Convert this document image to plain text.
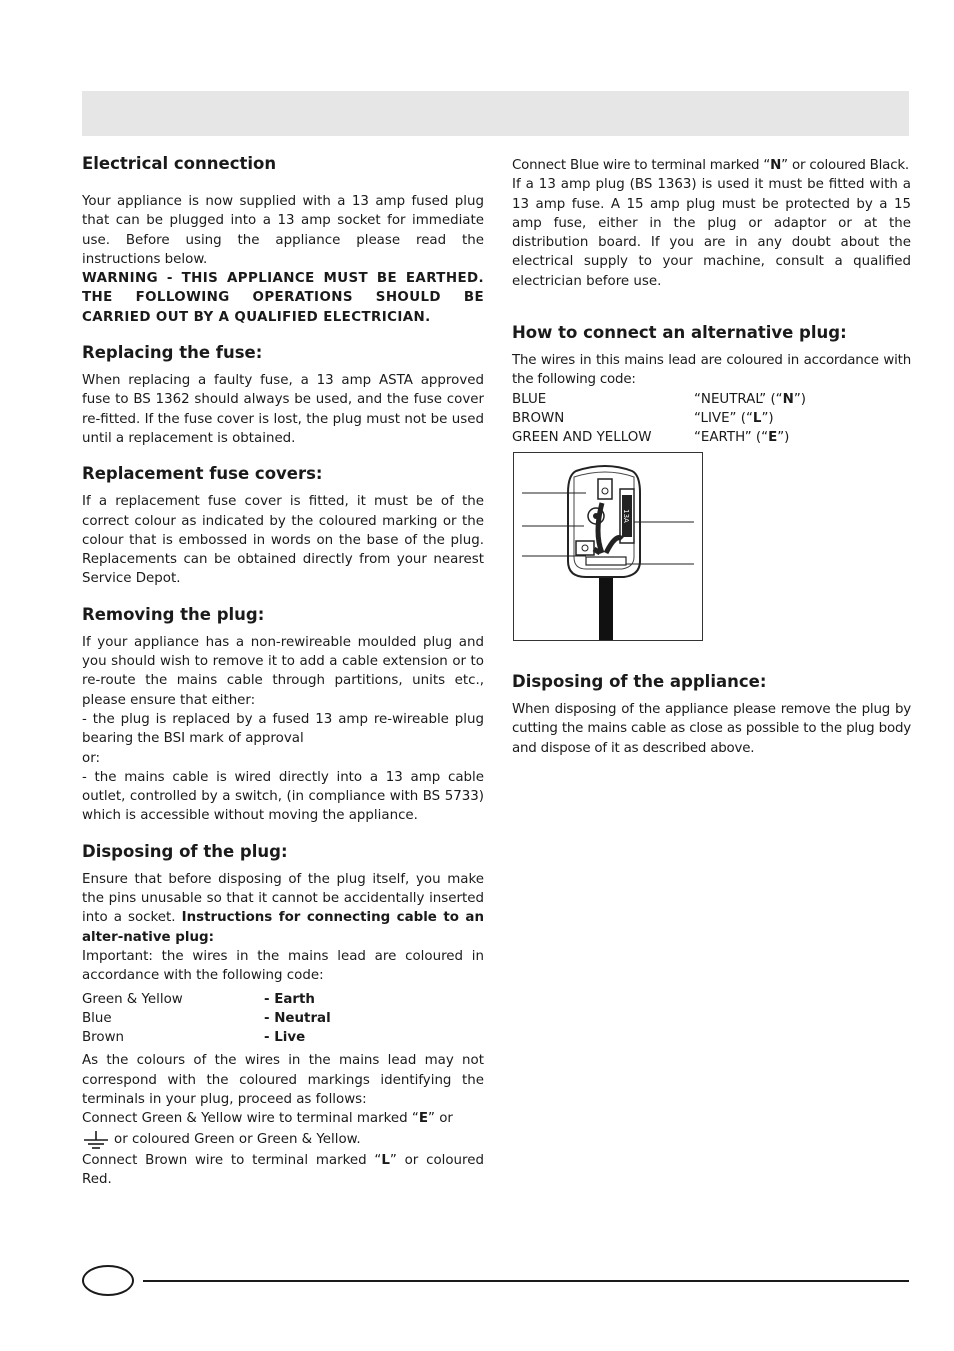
Electrical connection

Your appliance is now supplied with a 13 amp fused plug that can be plugged into a 13 amp socket for immediate use. Before using the appliance please read the instructions below.

WARNING - THIS APPLIANCE MUST BE EARTHED. THE FOLLOWING OPERATIONS SHOULD BE CARRIED OUT BY A QUALIFIED ELECTRICIAN.

Replacing the fuse:

When replacing a faulty fuse, a 13 amp ASTA approved fuse to BS 1362 should always be used, and the fuse cover re-fitted. If the fuse cover is lost, the plug must not be used until a replacement is obtained.

Replacement fuse covers:

If a replacement fuse cover is fitted, it must be of the correct colour as indicated by the coloured marking or the colour that is embossed in words on the base of the plug. Replacements can be obtained directly from your nearest Service Depot.

Removing the plug:

If your appliance has a non-rewireable moulded plug and you should wish to remove it to add a cable extension or to re-route the mains cable through partitions, units etc., please ensure that either:

- the plug is replaced by a fused 13 amp re-wireable plug bearing the BSI mark of approval

or:

- the mains cable is wired directly into a 13 amp cable outlet, controlled by a switch, (in compliance with BS 5733) which is accessible without moving the appliance.

Disposing of the plug:

Ensure that before disposing of the plug itself, you make the pins unusable so that it cannot be accidentally inserted into a socket. Instructions for connecting cable to an alter-native plug:

Important: the wires in the mains lead are coloured in accordance with the following code:

Green & Yellow	- Earth
Blue	- Neutral
Brown	- Live

As the colours of the wires in the mains lead may not correspond with the coloured markings identifying the terminals in your plug, proceed as follows:

Connect Green & Yellow wire to terminal marked “E” or

or coloured Green or Green & Yellow.

Connect Brown wire to terminal marked “L” or coloured Red.

Connect Blue wire to terminal marked “N” or coloured Black.

If a 13 amp plug (BS 1363) is used it must be fitted with a 13 amp fuse. A 15 amp plug must be protected by a 15 amp fuse, either in the plug or adaptor or at the distribution board. If you are in any doubt about the electrical supply to your machine, consult a qualified electrician before use.

How to connect an alternative plug:

The wires in this mains lead are coloured in accordance with the following code:

BLUE	“NEUTRAL” (“N”)
BROWN	“LIVE” (“L”)
GREEN AND YELLOW	“EARTH” (“E”)
Disposing of the appliance:

When disposing of the appliance please remove the plug by cutting the mains cable as close as possible to the plug body and dispose of it as described above.

13A
